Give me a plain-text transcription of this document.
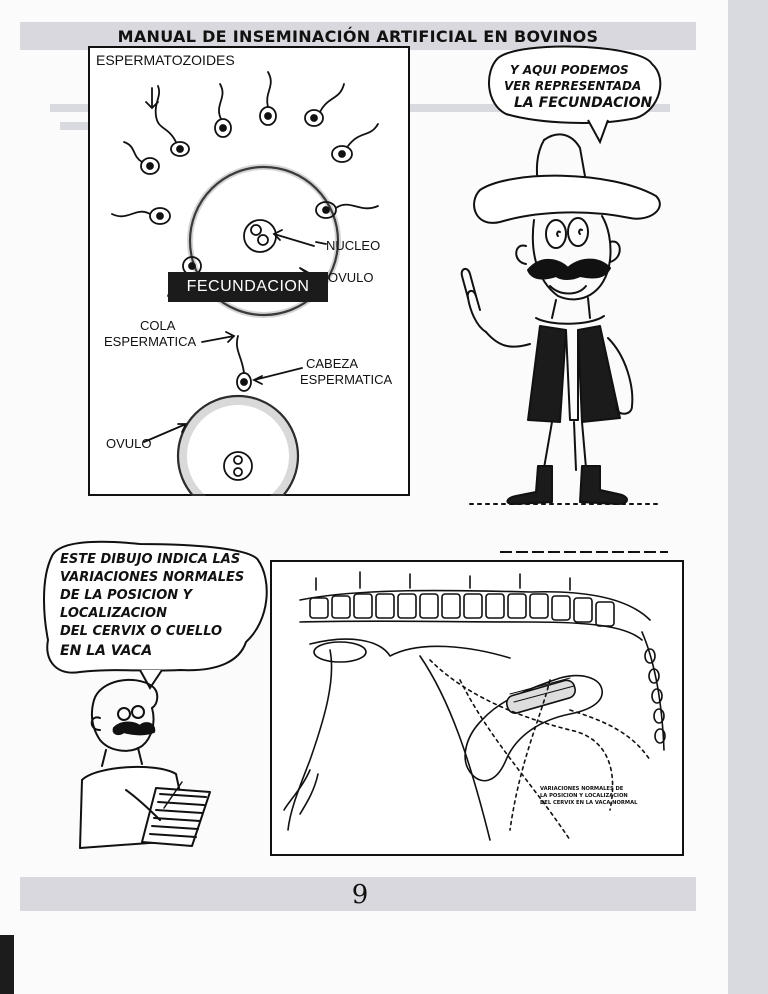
MANUAL DE INSEMINACIÓN ARTIFICIAL EN BOVINOS
ESPERMATOZOIDES
NUCLEO
OVULO
FECUNDACION
COLA
ESPERMATICA
CABEZA
ESPERMATICA
OVULO
Y AQUI PODEMOS
VER REPRESENTADA
LA FECUNDACION
ESTE DIBUJO INDICA LAS
VARIACIONES NORMALES
DE LA POSICION Y
LOCALIZACION
DEL CERVIX O CUELLO
EN LA VACA
VARIACIONES NORMALES DE
LA POSICION Y LOCALIZACION
DEL CERVIX EN LA VACA NORMAL
9
